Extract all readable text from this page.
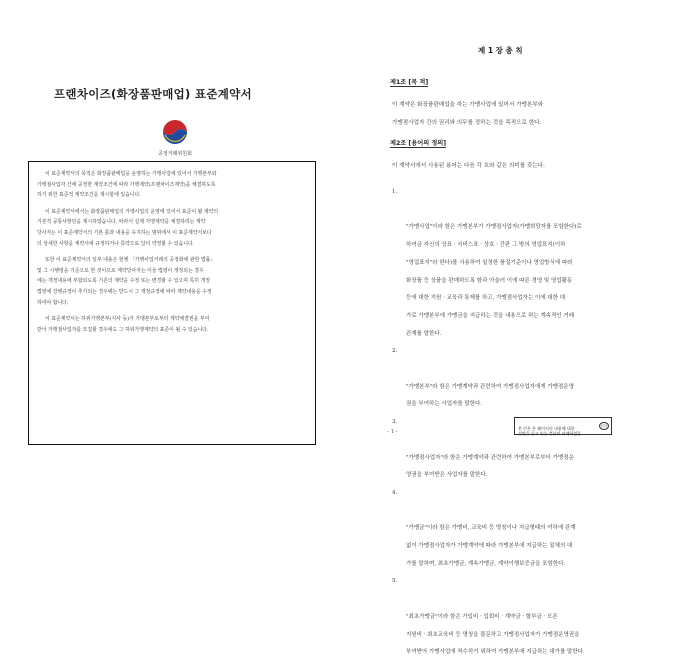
프랜차이즈(화장품판매업) 표준계약서
공정거래위원회

이 표준계약서의 목적은 화장품판매업을 운영하는 가맹사업에 있어서 가맹본부와
가맹점사업자 간에 공정한 계약조건에 따라 가맹계약(프랜차이즈계약)을 체결하도록
하기 위한 표준적 계약조건을 제시함에 있습니다.

이 표준계약서에서는 화장품판매업의 가맹사업의 운영에 있어서 표준이 될 계약의
기본적 공통사항만을 제시하였습니다. 따라서 실제 가맹계약을 체결하려는 계약
당사자는 이 표준계약서의 기본 틀과 내용을 유지하는 범위에서 이 표준계약서보다
더 상세한 사항을 계약서에 규정하거나 특약으로 달리 약정할 수 있습니다.

또한 이 표준계약서의 일부 내용은 현행 「가맹사업거래의 공정화에 관한 법률」
및 그 시행령을 기준으로 한 것이므로 계약당사자는 이들 법령이 개정되는 경우
에는 개정내용에 부합되도록 기존의 계약을 수정 또는 변경할 수 있으며 특히 개정
법령에 강행규정이 추가되는 경우에는 반드시 그 개정규정에 따라 계약내용을 수정
하여야 합니다.

이 표준계약서는 하위가맹본부(지사 등)가 가맹본부로부터 계약체결권을 부여
받아 가맹점사업자를 모집할 경우에도 그 하위가맹계약의 표준이 될 수 있습니다.

제 1 장 총 칙
제1조 [목 적]
이 계약은 화장품판매업을 하는 가맹사업에 있어서 가맹본부와
가맹점사업자 간의 권리와 의무를 정하는 것을 목적으로 한다.
제2조 [용어의 정의]
이 계약서에서 사용된 용어는 다음 각 호와 같은 의미를 갖는다.

1.

"가맹사업"이라 함은 가맹본부가 가맹점사업자(가맹희망자를 포함한다)로
하여금 자신의 상표 · 서비스표 · 상호 · 간판 그 밖의 영업표지(이하
"영업표지"라 한다)를 사용하여 일정한 품질기준이나 영업방식에 따라
화장품 등 상품을 판매하도록 함과 아울러 이에 따른 경영 및 영업활동
등에 대한 지원 · 교육과 통제를 하고, 가맹점사업자는 이에 대한 대
가로 가맹본부에 가맹금을 지급하는 것을 내용으로 하는 계속적인 거래
관계를 말한다.

2.

"가맹본부"라 함은 가맹계약과 관련하여 가맹점사업자에게 가맹점운영
권을 부여하는 사업자를 말한다.

3.

"가맹점사업자"라 함은 가맹계약과 관련하여 가맹본부로부터 가맹점운
영권을 부여받은 사업자를 말한다.

4.

"가맹금"이라 함은 가맹비, 교육비 등 명칭이나 지급형태의 여하에 관계
없이 가맹점사업자가 가맹계약에 따라 가맹본부에 지급하는 일체의 대
가를 말하며, 최초가맹금, 계속가맹금, 계약이행보증금을 포함한다.

5.

"최초가맹금"이라 함은 가입비 · 입회비 · 계약금 · 할부금 · 오픈
지원비 · 최초교육비 등 명칭을 불문하고 가맹점사업자가 가맹점운영권을
부여받아 가맹사업에 착수하기 위하여 가맹본부에 지급하는 대가를 말한다.

- 1 -

본 인은 본 페이지의 내용에 대한
설명을 듣고 이를 충분히 이해하였음

(인)
